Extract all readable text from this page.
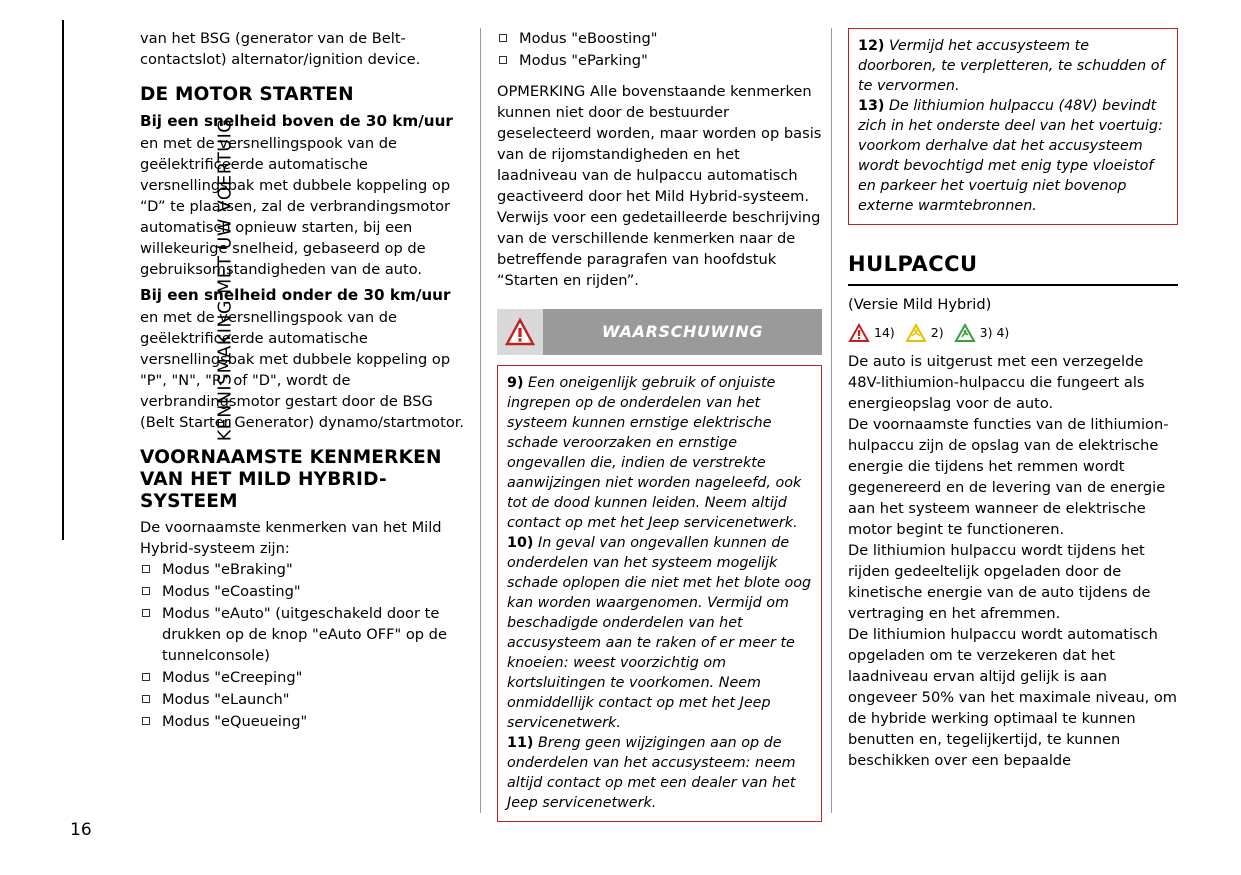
KENNISMAKING MET UW VOERTUIG

van het BSG (generator van de Belt-contactslot) alternator/ignition device.

DE MOTOR STARTEN
Bij een snelheid boven de 30 km/uur

en met de versnellingspook van de geëlektrificeerde automatische versnellingsbak met dubbele koppeling op “D” te plaatsen, zal de verbrandingsmotor automatisch opnieuw starten, bij een willekeurige snelheid, gebaseerd op de gebruiksomstandigheden van de auto.

Bij een snelheid onder de 30 km/uur

en met de versnellingspook van de geëlektrificeerde automatische versnellingsbak met dubbele koppeling op "P", "N", "R" of "D", wordt de verbrandingsmotor gestart door de BSG (Belt Starter Generator) dynamo/startmotor.

VOORNAAMSTE KENMERKEN VAN HET MILD HYBRID-SYSTEEM

De voornaamste kenmerken van het Mild Hybrid-systeem zijn:

Modus "eBraking"
Modus "eCoasting"
Modus "eAuto" (uitgeschakeld door te drukken op de knop "eAuto OFF" op de tunnelconsole)
Modus "eCreeping"
Modus "eLaunch"
Modus "eQueueing"
Modus "eBoosting"
Modus "eParking"

OPMERKING Alle bovenstaande kenmerken kunnen niet door de bestuurder geselecteerd worden, maar worden op basis van de rijomstandigheden en het laadniveau van de hulpaccu automatisch geactiveerd door het Mild Hybrid-systeem. Verwijs voor een gedetailleerde beschrijving van de verschillende kenmerken naar de betreffende paragrafen van hoofdstuk “Starten en rijden”.

WAARSCHUWING

9) Een oneigenlijk gebruik of onjuiste ingrepen op de onderdelen van het systeem kunnen ernstige elektrische schade veroorzaken en ernstige ongevallen die, indien de verstrekte aanwijzingen niet worden nageleefd, ook tot de dood kunnen leiden. Neem altijd contact op met het Jeep servicenetwerk.

10) In geval van ongevallen kunnen de onderdelen van het systeem mogelijk schade oplopen die niet met het blote oog kan worden waargenomen. Vermijd om beschadigde onderdelen van het accusysteem aan te raken of er meer te knoeien: weest voorzichtig om kortsluitingen te voorkomen. Neem onmiddellijk contact op met het Jeep servicenetwerk.

11) Breng geen wijzigingen aan op de onderdelen van het accusysteem: neem altijd contact op met een dealer van het Jeep servicenetwerk.

12) Vermijd het accusysteem te doorboren, te verpletteren, te schudden of te vervormen.

13) De lithiumion hulpaccu (48V) bevindt zich in het onderste deel van het voertuig: voorkom derhalve dat het accusysteem wordt bevochtigd met enig type vloeistof en parkeer het voertuig niet bovenop externe warmtebronnen.

HULPACCU

(Versie Mild Hybrid)

14)	2)	3) 4)

De auto is uitgerust met een verzegelde 48V-lithiumion-hulpaccu die fungeert als energieopslag voor de auto.

De voornaamste functies van de lithiumion-hulpaccu zijn de opslag van de elektrische energie die tijdens het remmen wordt gegenereerd en de levering van de energie aan het systeem wanneer de elektrische motor begint te functioneren.

De lithiumion hulpaccu wordt tijdens het rijden gedeeltelijk opgeladen door de kinetische energie van de auto tijdens de vertraging en het afremmen.

De lithiumion hulpaccu wordt automatisch opgeladen om te verzekeren dat het laadniveau ervan altijd gelijk is aan ongeveer 50% van het maximale niveau, om de hybride werking optimaal te kunnen benutten en, tegelijkertijd, te kunnen beschikken over een bepaalde

16
